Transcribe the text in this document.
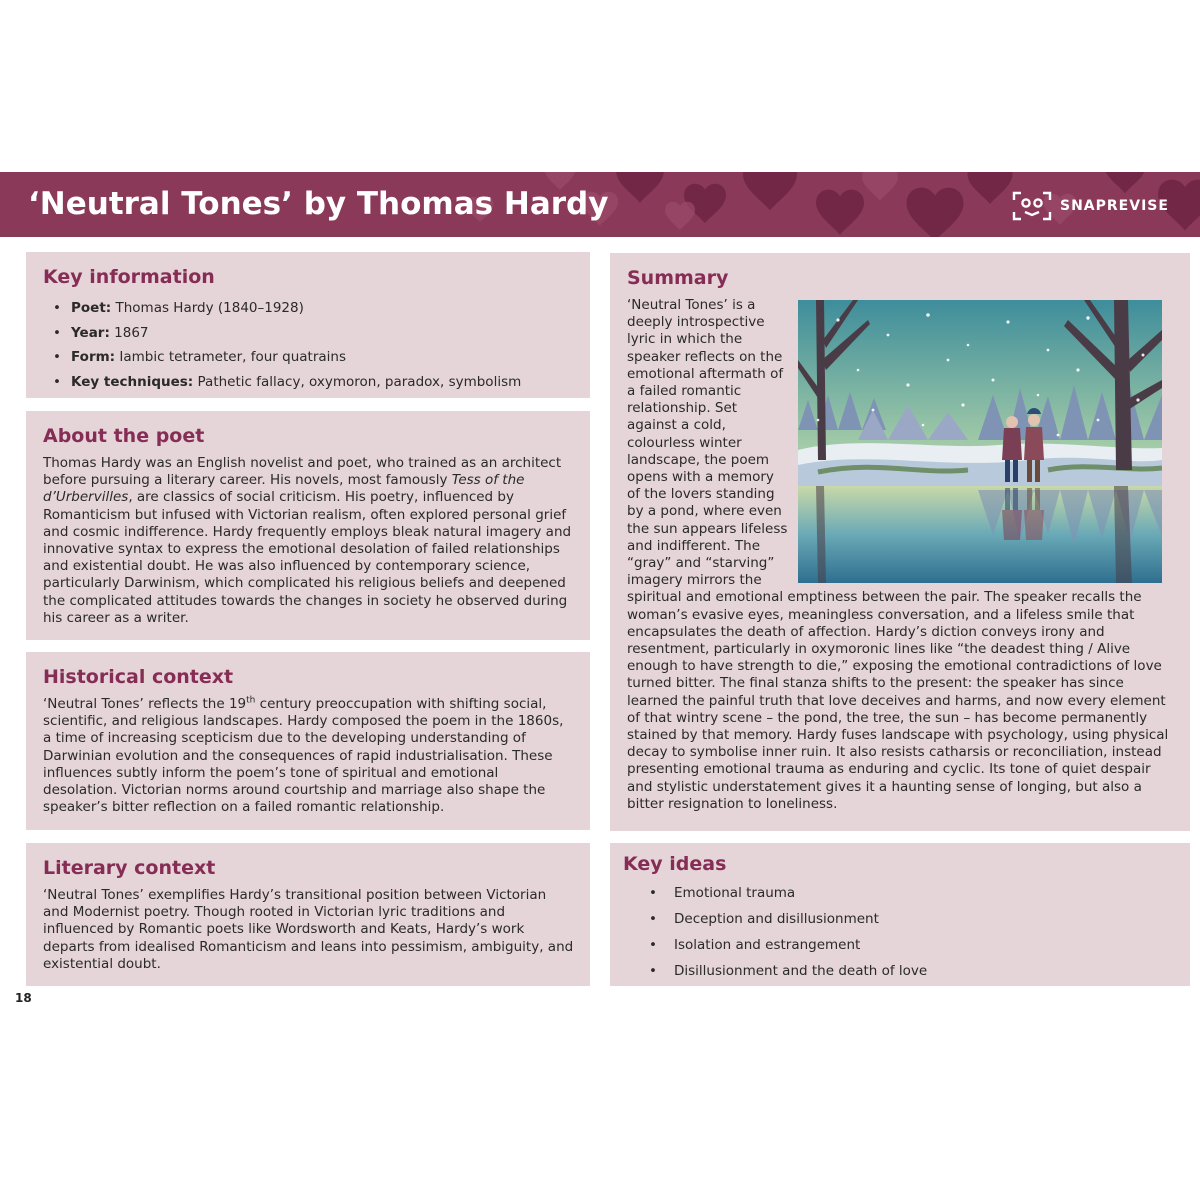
‘Neutral Tones’ by Thomas Hardy	SNAPREVISE
Key information
• Poet: Thomas Hardy (1840–1928)
• Year: 1867
• Form: Iambic tetrameter, four quatrains
• Key techniques: Pathetic fallacy, oxymoron, paradox, symbolism
About the poet

Thomas Hardy was an English novelist and poet, who trained as an architect before pursuing a literary career. His novels, most famously Tess of the d’Urbervilles, are classics of social criticism. His poetry, influenced by Romanticism but infused with Victorian realism, often explored personal grief and cosmic indifference. Hardy frequently employs bleak natural imagery and innovative syntax to express the emotional desolation of failed relationships and existential doubt. He was also influenced by contemporary science, particularly Darwinism, which complicated his religious beliefs and deepened the complicated attitudes towards the changes in society he observed during his career as a writer.

Historical context

‘Neutral Tones’ reflects the 19th century preoccupation with shifting social, scientific, and religious landscapes. Hardy composed the poem in the 1860s, a time of increasing scepticism due to the developing understanding of Darwinian evolution and the consequences of rapid industrialisation. These influences subtly inform the poem’s tone of spiritual and emotional desolation. Victorian norms around courtship and marriage also shape the speaker’s bitter reflection on a failed romantic relationship.

Literary context

‘Neutral Tones’ exemplifies Hardy’s transitional position between Victorian and Modernist poetry. Though rooted in Victorian lyric traditions and influenced by Romantic poets like Wordsworth and Keats, Hardy’s work departs from idealised Romanticism and leans into pessimism, ambiguity, and existential doubt.

Summary
‘Neutral Tones’ is a deeply introspective lyric in which the speaker reflects on the emotional aftermath of a failed romantic relationship. Set against a cold, colourless winter landscape, the poem opens with a memory of the lovers standing by a pond, where even the sun appears lifeless and indifferent. The “gray” and “starving” imagery mirrors the spiritual and emotional emptiness between the pair. The speaker recalls the woman’s evasive eyes, meaningless conversation, and a lifeless smile that encapsulates the death of affection. Hardy’s diction conveys irony and resentment, particularly in oxymoronic lines like “the deadest thing / Alive enough to have strength to die,” exposing the emotional contradictions of love turned bitter. The final stanza shifts to the present: the speaker has since learned the painful truth that love deceives and harms, and now every element of that wintry scene – the pond, the tree, the sun – has become permanently stained by that memory. Hardy fuses landscape with psychology, using physical decay to symbolise inner ruin. It also resists catharsis or reconciliation, instead presenting emotional trauma as enduring and cyclic. Its tone of quiet despair and stylistic understatement gives it a haunting sense of longing, but also a bitter resignation to loneliness.
Key ideas
• Emotional trauma
• Deception and disillusionment
• Isolation and estrangement
• Disillusionment and the death of love
18
